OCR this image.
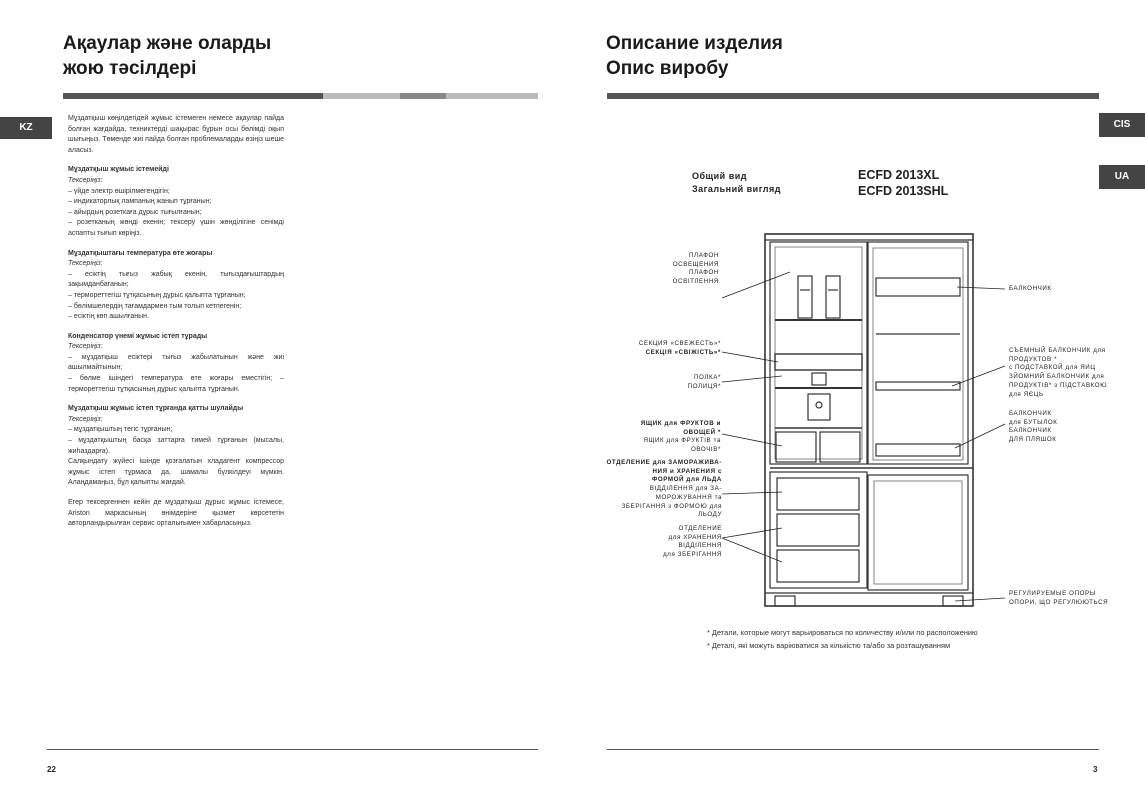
Ақаулар және оларды
жою тәсілдері
KZ
Мұздатқыш көңілдегідей жұмыс істемеген немесе ақаулар пайда болған жағдайда, техниктерді шақырас бұрын осы бөлімді оқып шығыңыз. Төменде жиі пайда болған проблемаларды өзіңіз шеше аласыз.
Мұздатқыш жұмыс істемейді
Тексеріңіз:
– үйде электр өшірілмегендігін;
– индикаторлық лампаның жанып тұрғанын;
– айырдың розеткаға дұрыс тығылғанын;
– розетканың жөнді екенін; тексеру үшін жөнділігіне сенімді аспапты тығып көріңіз.
Мұздатқыштағы температура өте жоғары
Тексеріңіз:
– есіктің тығыз жабық екенін, тығыздағыштардың зақымданбағанын;
– термореттегіш тұтқасының дұрыс қалыпта тұрғанын;
– бөлімшелердің тағамдармен тым толып кетпегенін;
– есіктің көп ашылғанын.
Конденсатор үнемі жұмыс істеп тұрады
Тексеріңіз:
– мұздатқыш есіктері тығыз жабылатынын және жиі ашылмайтынын;
– бөлме ішіндегі температура өте жоғары еместігін; – термореттегіш тұтқасының дұрыс қалыпта тұрғанын.
Мұздатқыш жұмыс істеп тұрғанда қатты шулайды
Тексеріңіз:
– мұздатқыштың тегіс тұрғанын;
– мұздатқыштың басқа заттарға тимей тұрғанын (мысалы, жиһаздарға).
Салқындату жүйесі ішінде қозғалатын хладагент компрессор жұмыс істеп тұрмаса да, шамалы бүлкілдеуі мүмкін. Алаңдамаңыз, бұл қалыпты жағдай.
Егер тексергеннен кейін де мұздатқыш дұрыс жұмыс істемесе, Ariston маркасының өнімдеріне қызмет көрсететін авторландырылған сервис орталығымен хабарласыңыз.
22
Описание изделия
Опис виробу
CIS
UA
Общий вид
Загальний вигляд
ECFD 2013XL
ECFD 2013SHL
ПЛАФОН
ОСВЕЩЕНИЯ
ПЛАФОН
ОСВІТЛЕННЯ
СЕКЦИЯ «СВЕЖЕСТЬ»*
СЕКЦІЯ «СВІЖІСТЬ»*
ПОЛКА*
ПОЛИЦЯ*
ЯЩИК для ФРУКТОВ и
ОВОЩЕЙ *
ЯЩИК для ФРУКТІВ та
ОВОЧІВ*
ОТДЕЛЕНИЕ для ЗАМОРАЖИВА-
НИЯ и ХРАНЕНИЯ с
ФОРМОЙ для ЛЬДА
ВІДДІЛЕННЯ для ЗА-
МОРОЖУВАННЯ та
ЗБЕРІГАННЯ з ФОРМОЮ для
ЛЬОДУ
ОТДЕЛЕНИЕ
для ХРАНЕНИЯ
ВІДДІЛЕННЯ
для ЗБЕРІГАННЯ
БАЛКОНЧИК
СЪЕМНЫЙ БАЛКОНЧИК для
ПРОДУКТОВ *
с ПОДСТАВКОЙ для ЯИЦ
ЗЙОМНИЙ БАЛКОНЧИК для
ПРОДУКТІВ* з ПІДСТАВКОЮ
для ЯЄЦЬ
БАЛКОНЧИК
для БУТЫЛОК
БАЛКОНЧИК
ДЛЯ ПЛЯШОК
РЕГУЛИРУЕМЫЕ ОПОРЫ
ОПОРИ, ЩО РЕГУЛЮЮТЬСЯ
* Детали, которые могут варьироваться по количеству и/или по расположению
* Деталі, які можуть варіюватися за кількістю та/або за розташуванням
3
